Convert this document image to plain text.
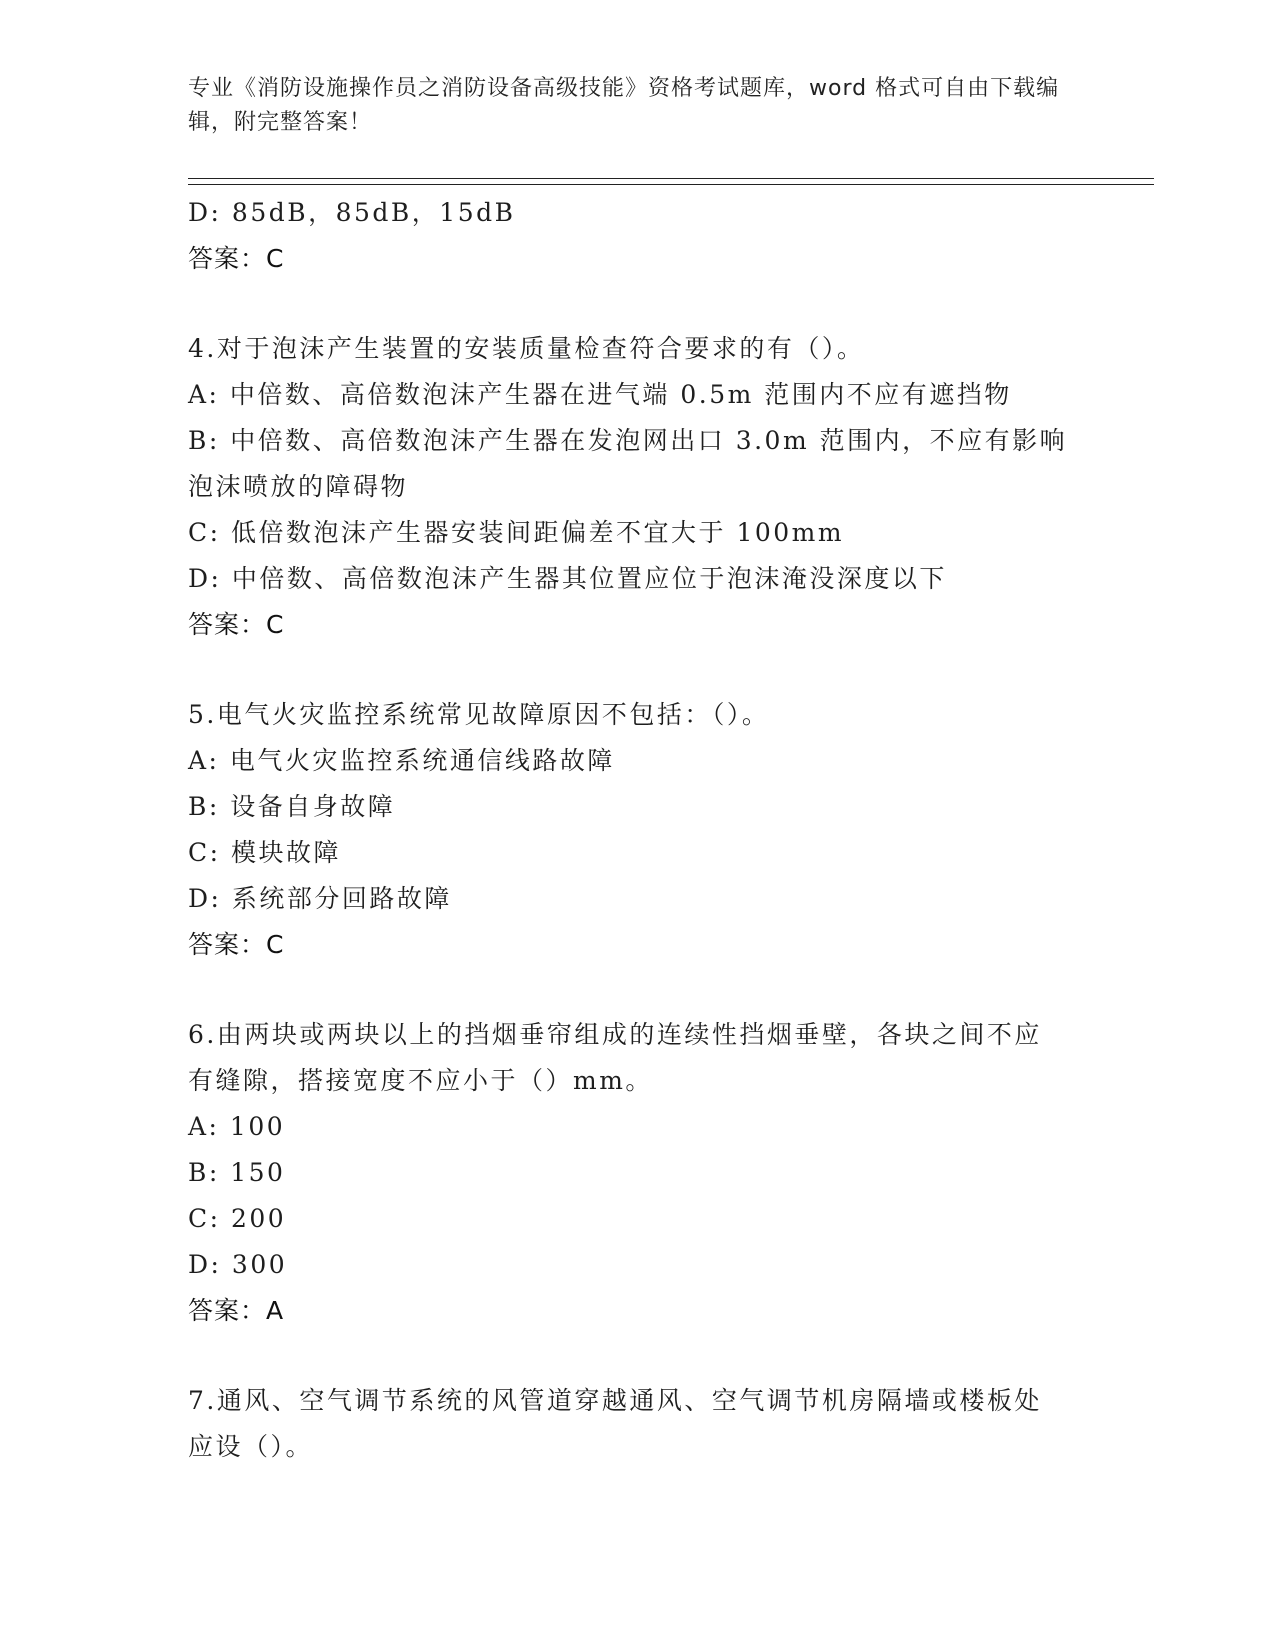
专业《消防设施操作员之消防设备高级技能》资格考试题库，word 格式可自由下载编辑，附完整答案！
D: 85dB，85dB，15dB
答案：C
4.对于泡沫产生装置的安装质量检查符合要求的有（）。
A: 中倍数、高倍数泡沫产生器在进气端 0.5m 范围内不应有遮挡物
B: 中倍数、高倍数泡沫产生器在发泡网出口 3.0m 范围内，不应有影响泡沫喷放的障碍物
C: 低倍数泡沫产生器安装间距偏差不宜大于 100mm
D: 中倍数、高倍数泡沫产生器其位置应位于泡沫淹没深度以下
答案：C
5.电气火灾监控系统常见故障原因不包括：（）。
A: 电气火灾监控系统通信线路故障
B: 设备自身故障
C: 模块故障
D: 系统部分回路故障
答案：C
6.由两块或两块以上的挡烟垂帘组成的连续性挡烟垂壁，各块之间不应有缝隙，搭接宽度不应小于（）mm。
A: 100
B: 150
C: 200
D: 300
答案：A
7.通风、空气调节系统的风管道穿越通风、空气调节机房隔墙或楼板处应设（）。
